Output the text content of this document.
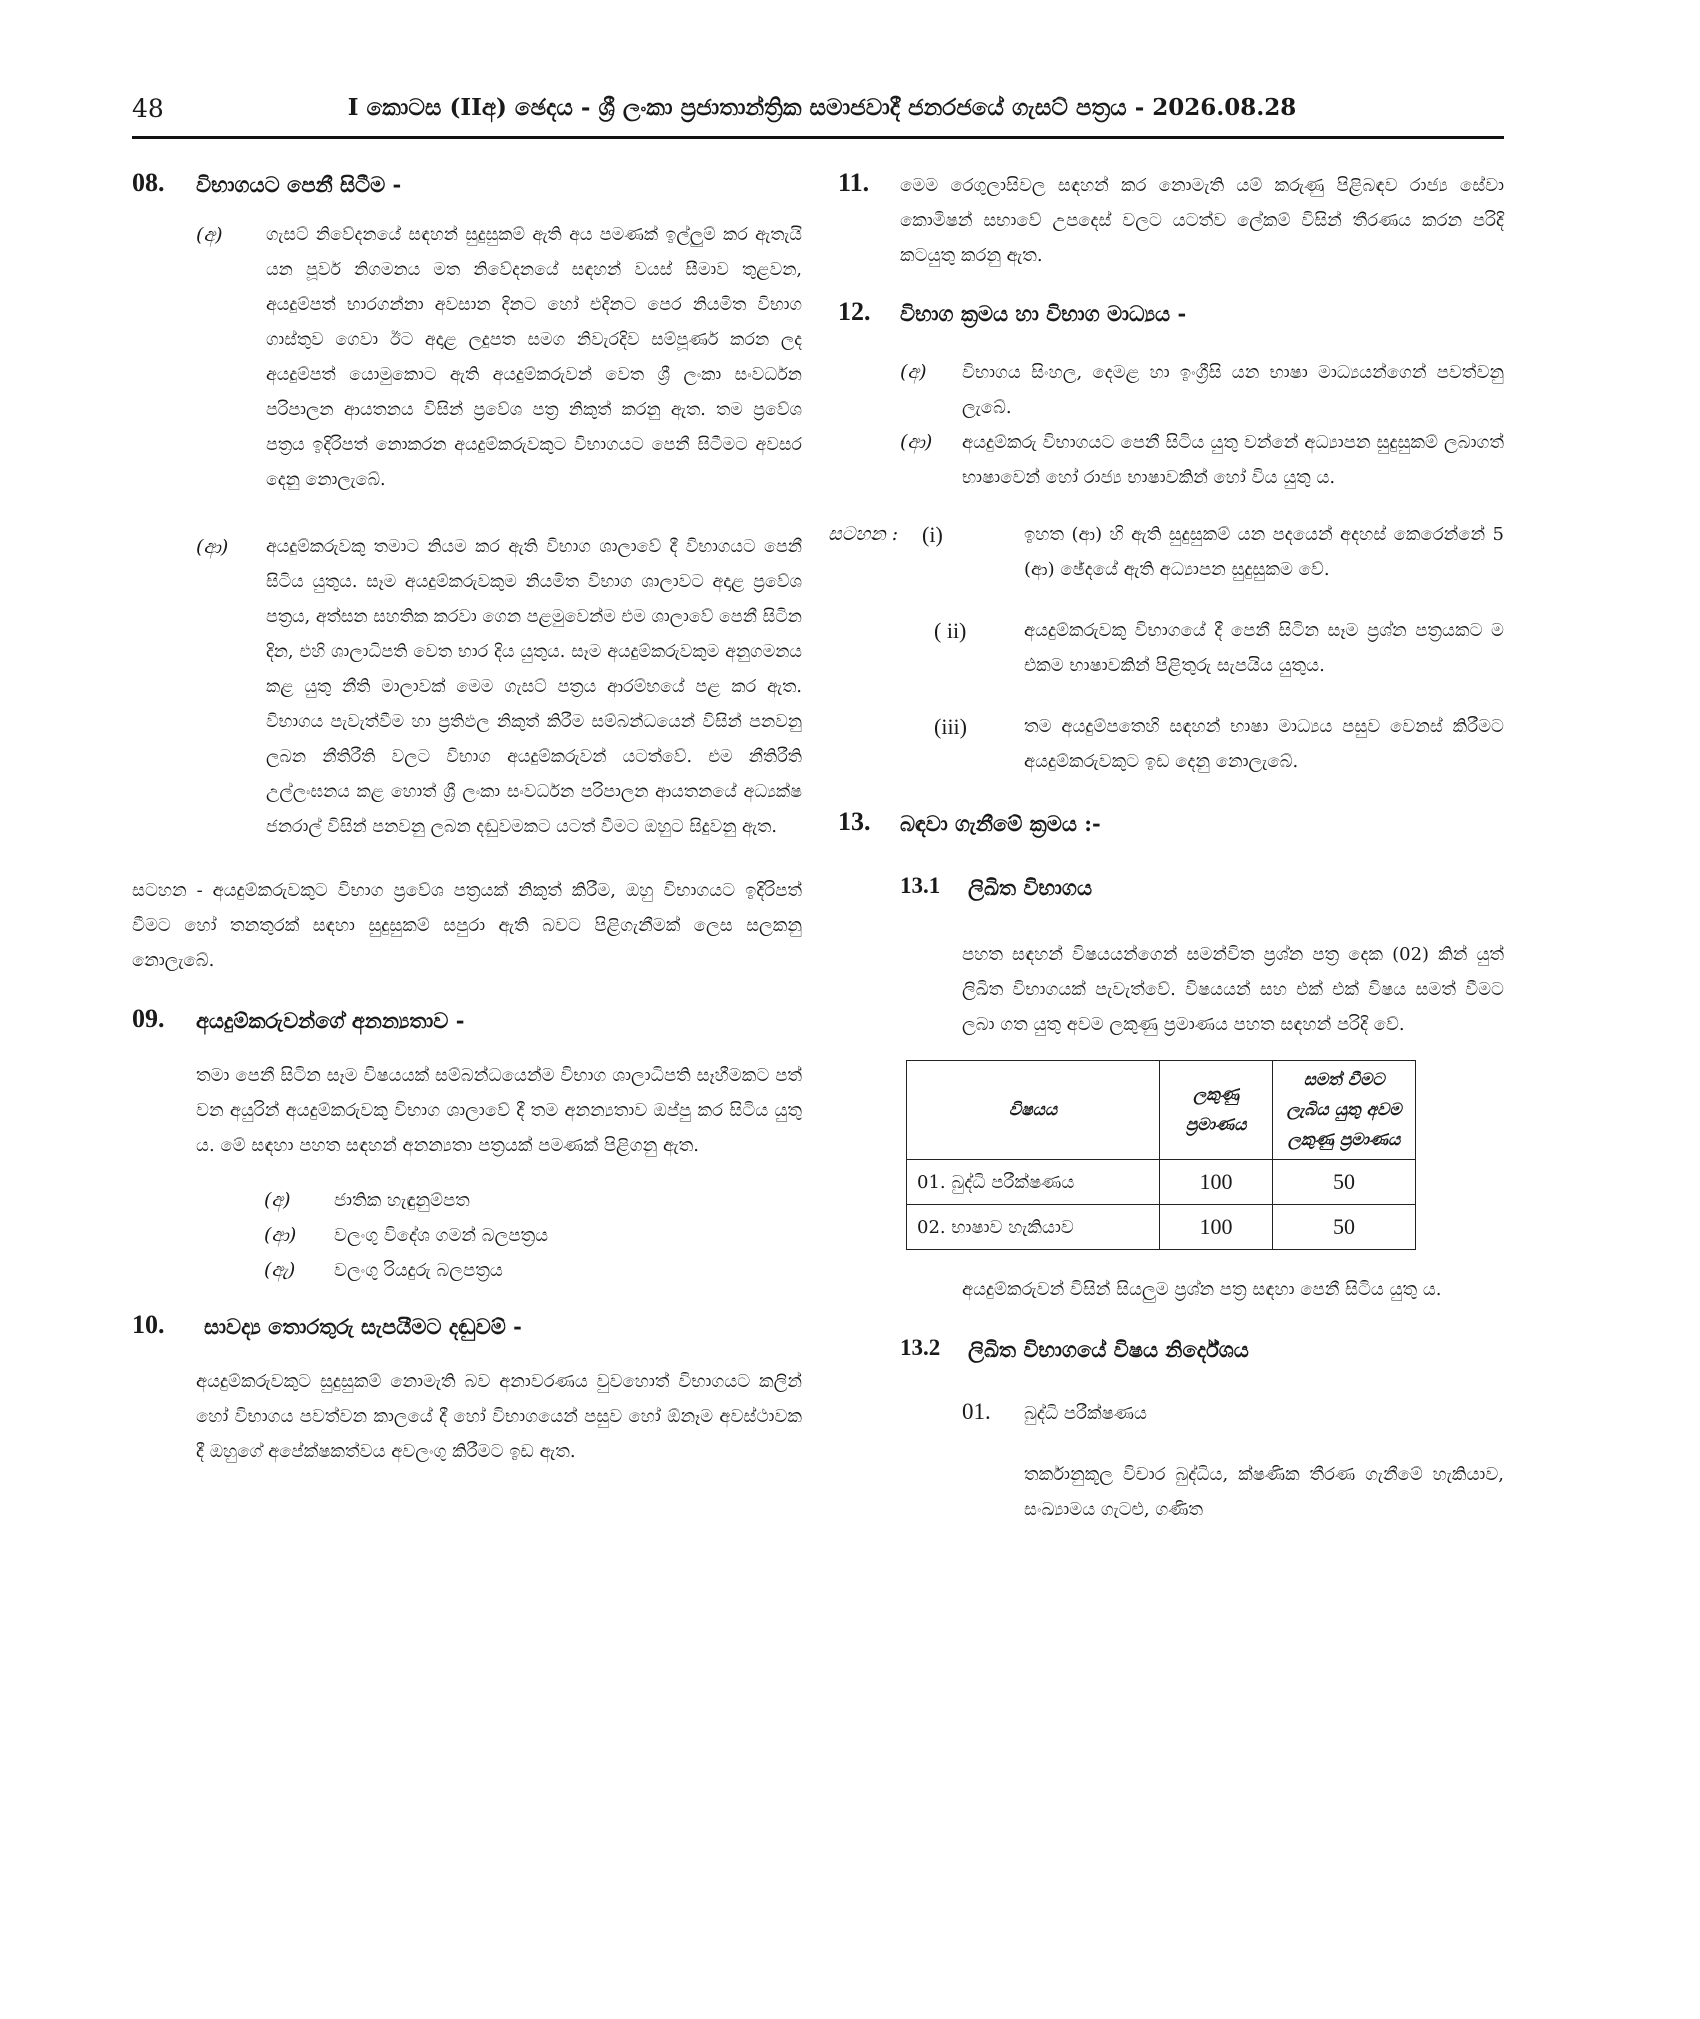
48	I කොටස (IIඅ) ඡෙදය - ශ්‍රී ලංකා ප්‍රජාතාන්ත්‍රික සමාජවාදී ජනරජයේ ගැසට් පත්‍රය - 2026.08.28
08. විභාගයට පෙනී සිටීම -
(අ) ගැසට් නිවේදනයේ සඳහන් සුදුසුකම් ඇති අය පමණක් ඉල්ලුම් කර ඇතැයි යන පූර්ව නිගමනය මත නිවේදනයේ සඳහන් වයස් සීමාව තුළවන, අයදුම්පත් භාරගන්නා අවසාන දිනට හෝ එදිනට පෙර නියමිත විභාග ගාස්තුව ගෙවා ඊට අදාළ ලදුපත සමග නිවැරදිව සම්පූර්ණ කරන ලද අයදුම්පත් යොමුකොට ඇති අයදුම්කරුවන් වෙත ශ්‍රී ලංකා සංවර්ධන පරිපාලන ආයතනය විසින් ප්‍රවේශ පත්‍ර නිකුත් කරනු ඇත. තම ප්‍රවේශ පත්‍රය ඉදිරිපත් නොකරන අයදුම්කරුවකුට විභාගයට පෙනී සිටීමට අවසර දෙනු නොලැබේ.
(ආ) අයදුම්කරුවකු තමාට නියම කර ඇති විභාග ශාලාවේ දී විභාගයට පෙනී සිටිය යුතුය. සෑම අයදුම්කරුවකුම නියමිත විභාග ශාලාවට අදාළ ප්‍රවේශ පත්‍රය, අත්සන සහතික කරවා ගෙන පළමුවෙන්ම එම ශාලාවේ පෙනී සිටින දින, එහි ශාලාධිපති වෙත භාර දිය යුතුය. සෑම අයදුම්කරුවකුම අනුගමනය කළ යුතු නීති මාලාවක් මෙම ගැසට් පත්‍රය ආරම්භයේ පළ කර ඇත. විභාගය පැවැත්වීම හා ප්‍රතිඵල නිකුත් කිරීම සම්බන්ධයෙන් විසින් පනවනු ලබන නීතිරීති වලට විභාග අයදුම්කරුවන් යටත්වේ. එම නීතිරීති උල්ලංඝනය කළ හොත් ශ්‍රී ලංකා සංවර්ධන පරිපාලන ආයතනයේ අධ්‍යක්ෂ ජනරාල් විසින් පනවනු ලබන දඬුවමකට යටත් වීමට ඔහුට සිදුවනු ඇත.
සටහන - අයදුම්කරුවකුට විභාග ප්‍රවේශ පත්‍රයක් නිකුත් කිරීම, ඔහු විභාගයට ඉදිරිපත් වීමට හෝ තනතුරක් සඳහා සුදුසුකම් සපුරා ඇති බවට පිළිගැනීමක් ලෙස සලකනු නොලැබේ.
09. අයදුම්කරුවන්ගේ අනන්‍යතාව -
තමා පෙනී සිටින සෑම විෂයයක් සම්බන්ධයෙන්ම විභාග ශාලාධිපති සෑහීමකට පත් වන අයුරින් අයදුම්කරුවකු විභාග ශාලාවේ දී තම අනන්‍යතාව ඔප්පු කර සිටිය යුතු ය. මේ සඳහා පහත සඳහන් අනන්‍යතා පත්‍රයක් පමණක් පිළිගනු ඇත.
(අ) ජාතික හැඳුනුම්පත
(ආ) වලංගු විදේශ ගමන් බලපත්‍රය
(ඇ) වලංගු රියදුරු බලපත්‍රය
10. සාවද්‍ය තොරතුරු සැපයීමට දඬුවම් -
අයදුම්කරුවකුට සුදුසුකම් නොමැති බව අනාවරණය වුවහොත් විභාගයට කලින් හෝ විභාගය පවත්වන කාලයේ දී හෝ විභාගයෙන් පසුව හෝ ඕනෑම අවස්ථාවක දී ඔහුගේ අපේක්ෂකත්වය අවලංගු කිරීමට ඉඩ ඇත.
11. මෙම රෙගුලාසිවල සඳහන් කර නොමැති යම් කරුණු පිළිබඳව රාජ්‍ය සේවා කොමිෂන් සභාවේ උපදෙස් වලට යටත්ව ලේකම් විසින් තීරණය කරන පරිදි කටයුතු කරනු ඇත.
12. විභාග ක්‍රමය හා විභාග මාධ්‍යය -
(අ) විභාගය සිංහල, දෙමළ හා ඉංග්‍රීසි යන භාෂා මාධ්‍යයන්ගෙන් පවත්වනු ලැබේ.
(ආ) අයදුම්කරු විභාගයට පෙනී සිටිය යුතු වන්නේ අධ්‍යාපන සුදුසුකම් ලබාගත් භාෂාවෙන් හෝ රාජ්‍ය භාෂාවකින් හෝ විය යුතු ය.
සටහන : (i)	ඉහත (ආ) හි ඇති සුදුසුකම් යන පදයෙන් අදහස් කෙරෙන්නේ 5 (ආ) ඡේදයේ ඇති අධ්‍යාපන සුදුසුකම වේ.
( ii)	අයදුම්කරුවකු විභාගයේ දී පෙනී සිටින සෑම ප්‍රශ්න පත්‍රයකට ම එකම භාෂාවකින් පිළිතුරු සැපයිය යුතුය.
(iii)	තම අයදුම්පතෙහි සඳහන් භාෂා මාධ්‍යය පසුව වෙනස් කිරීමට අයදුම්කරුවකුට ඉඩ දෙනු නොලැබේ.
13. බඳවා ගැනීමේ ක්‍රමය :-
13.1 ලිඛිත විභාගය
පහත සඳහන් විෂයයන්ගෙන් සමන්විත ප්‍රශ්න පත්‍ර දෙක (02) කින් යුත් ලිඛිත විභාගයක් පැවැත්වේ. විෂයයන් සහ එක් එක් විෂය සමත් වීමට ලබා ගත යුතු අවම ලකුණු ප්‍රමාණය පහත සඳහන් පරිදි වේ.
විෂයය	ලකුණු ප්‍රමාණය	සමත් වීමට ලැබිය යුතු අවම ලකුණු ප්‍රමාණය
01. බුද්ධි පරීක්ෂණය	100	50
02. භාෂාව හැකියාව	100	50
අයදුම්කරුවන් විසින් සියලුම ප්‍රශ්න පත්‍ර සඳහා පෙනී සිටිය යුතු ය.
13.2 ලිඛිත විභාගයේ විෂය නිර්දේශය
01. බුද්ධි පරීක්ෂණය
තර්කානුකූල විචාර බුද්ධිය, ක්ෂණික තීරණ ගැනීමේ හැකියාව, සංඛ්‍යාමය ගැටළු, ගණිත
